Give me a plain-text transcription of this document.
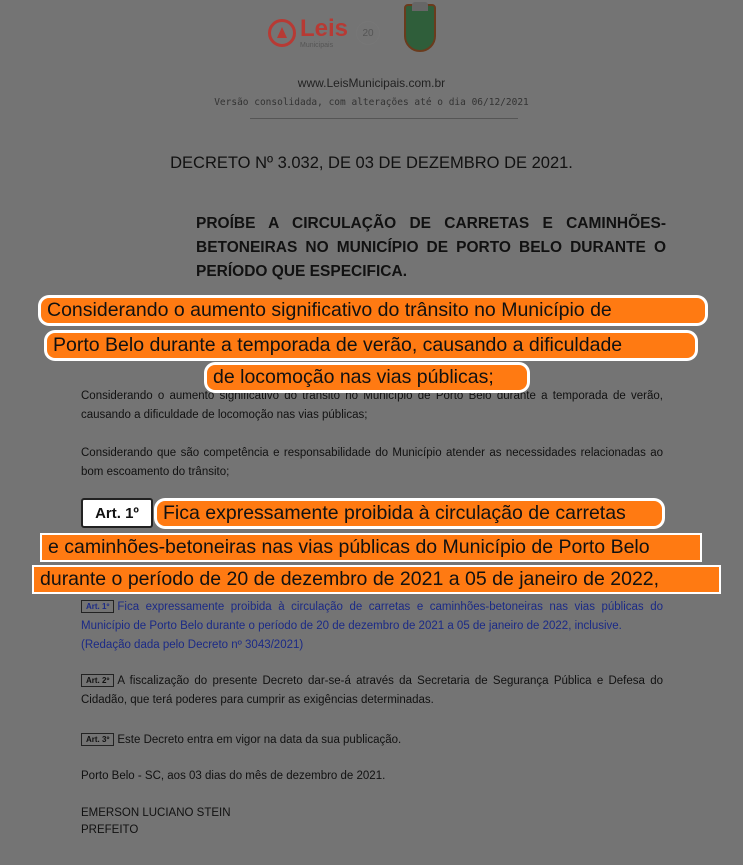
Leis
Municipais
20
www.LeisMunicipais.com.br
Versão consolidada, com alterações até o dia 06/12/2021
DECRETO Nº 3.032, DE 03 DE DEZEMBRO DE 2021.
PROÍBE A CIRCULAÇÃO DE CARRETAS E CAMINHÕES-BETONEIRAS NO MUNICÍPIO DE PORTO BELO DURANTE O PERÍODO QUE ESPECIFICA.
Considerando o aumento significativo do trânsito no Município de Porto Belo durante a temporada de verão, causando a dificuldade de locomoção nas vias públicas;
Considerando que são competência e responsabilidade do Município atender as necessidades relacionadas ao bom escoamento do trânsito;
Art. 1º Fica expressamente proibida à circulação de carretas e caminhões-betoneiras nas vias públicas do Município de Porto Belo durante o período de 20 de dezembro de 2021 a 05 de janeiro de 2022, inclusive.
(Redação dada pelo Decreto nº 3043/2021)
Art. 2º A fiscalização do presente Decreto dar-se-á através da Secretaria de Segurança Pública e Defesa do Cidadão, que terá poderes para cumprir as exigências determinadas.
Art. 3º Este Decreto entra em vigor na data da sua publicação.
Porto Belo - SC, aos 03 dias do mês de dezembro de 2021.
EMERSON LUCIANO STEIN
PREFEITO
Considerando o aumento significativo do trânsito no Município de
Porto Belo durante a temporada de verão, causando a dificuldade
de locomoção nas vias públicas;
Art. 1º	Fica expressamente proibida à circulação de carretas
e caminhões-betoneiras nas vias públicas do Município de Porto Belo
durante o período de 20 de dezembro de 2021 a 05 de janeiro de 2022,
